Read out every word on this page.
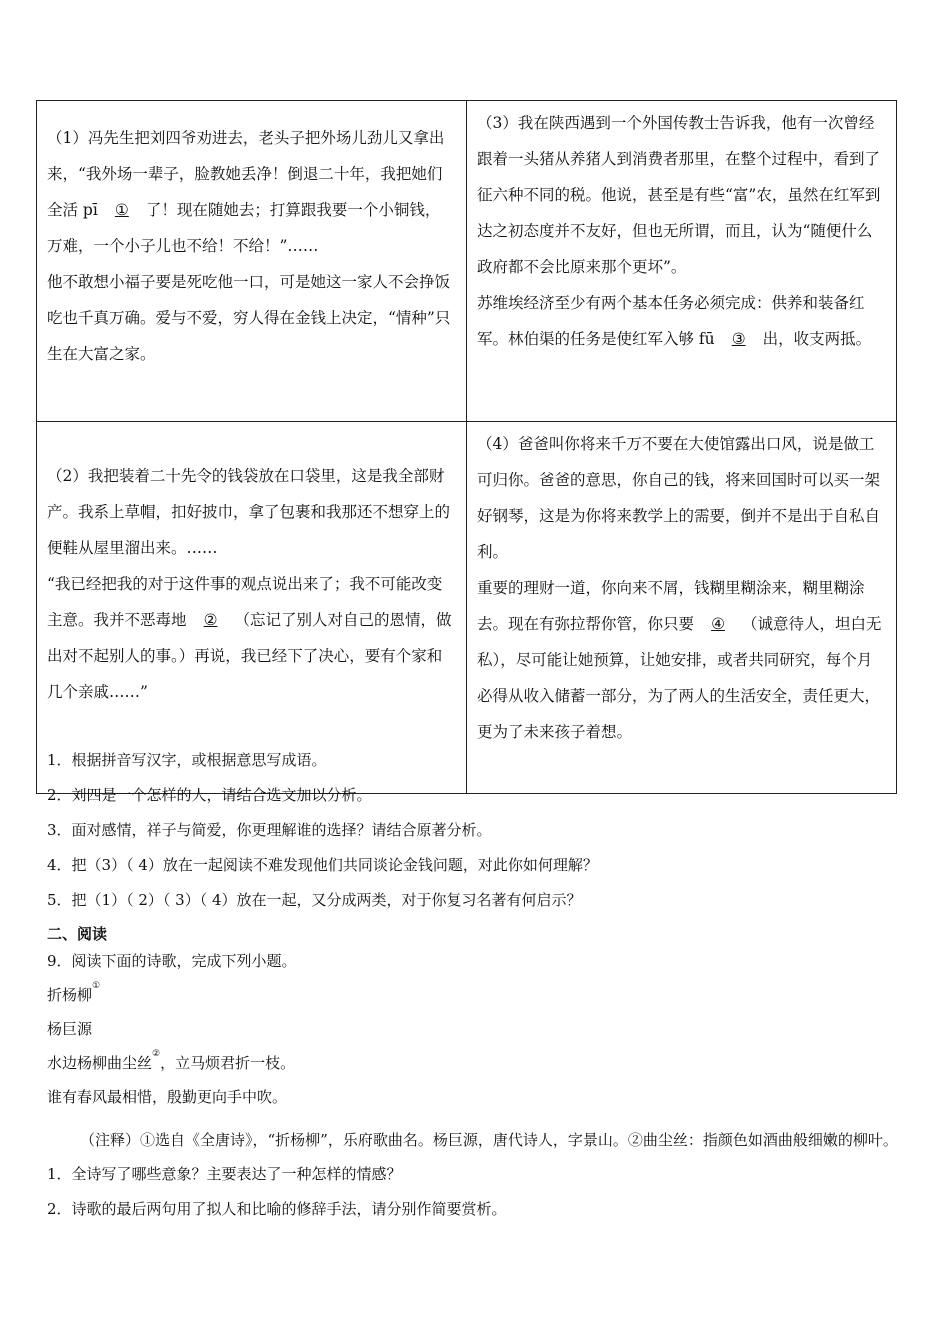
（1）冯先生把刘四爷劝进去，老头子把外场儿劲儿又拿出来，“我外场一辈子，脸教她丢净！倒退二十年，我把她们全活 pī ① 了！现在随她去；打算跟我要一个小铜钱，万难，一个小子儿也不给！不给！”……
他不敢想小福子要是死吃他一口，可是她这一家人不会挣饭吃也千真万确。爱与不爱，穷人得在金钱上决定，“情种”只生在大富之家。	（3）我在陕西遇到一个外国传教士告诉我，他有一次曾经跟着一头猪从养猪人到消费者那里，在整个过程中，看到了征六种不同的税。他说，甚至是有些“富”农，虽然在红军到达之初态度并不友好，但也无所谓，而且，认为“随便什么政府都不会比原来那个更坏”。
苏维埃经济至少有两个基本任务必须完成：供养和装备红军。林伯渠的任务是使红军入够 fū ③ 出，收支两抵。

（2）我把装着二十先令的钱袋放在口袋里，这是我全部财产。我系上草帽，扣好披巾，拿了包裹和我那还不想穿上的便鞋从屋里溜出来。……
“我已经把我的对于这件事的观点说出来了；我不可能改变主意。我并不恶毒地 ② （忘记了别人对自己的恩情，做出对不起别人的事。）再说，我已经下了决心，要有个家和几个亲戚……”	（4）爸爸叫你将来千万不要在大使馆露出口风，说是做工可归你。爸爸的意思，你自己的钱，将来回国时可以买一架好钢琴，这是为你将来教学上的需要，倒并不是出于自私自利。
重要的理财一道，你向来不屑，钱糊里糊涂来，糊里糊涂去。现在有弥拉帮你管，你只要 ④ （诚意待人，坦白无私），尽可能让她预算，让她安排，或者共同研究，每个月必得从收入储蓄一部分，为了两人的生活安全，责任更大，更为了未来孩子着想。
1．根据拼音写汉字，或根据意思写成语。
2．刘四是一个怎样的人，请结合选文加以分析。
3．面对感情，祥子与简爱，你更理解谁的选择？请结合原著分析。
4．把（3）（ 4）放在一起阅读不难发现他们共同谈论金钱问题，对此你如何理解？
5．把（1）（ 2）（ 3）（ 4）放在一起，又分成两类，对于你复习名著有何启示？
二、阅读
9．阅读下面的诗歌，完成下列小题。
折杨柳①
杨巨源
水边杨柳曲尘丝②，立马烦君折一枝。
谁有春风最相惜，殷勤更向手中吹。
（注释）①选自《全唐诗》，“折杨柳”，乐府歌曲名。杨巨源，唐代诗人，字景山。②曲尘丝：指颜色如酒曲般细嫩的柳叶。
1．全诗写了哪些意象？主要表达了一种怎样的情感？
2．诗歌的最后两句用了拟人和比喻的修辞手法，请分别作简要赏析。
